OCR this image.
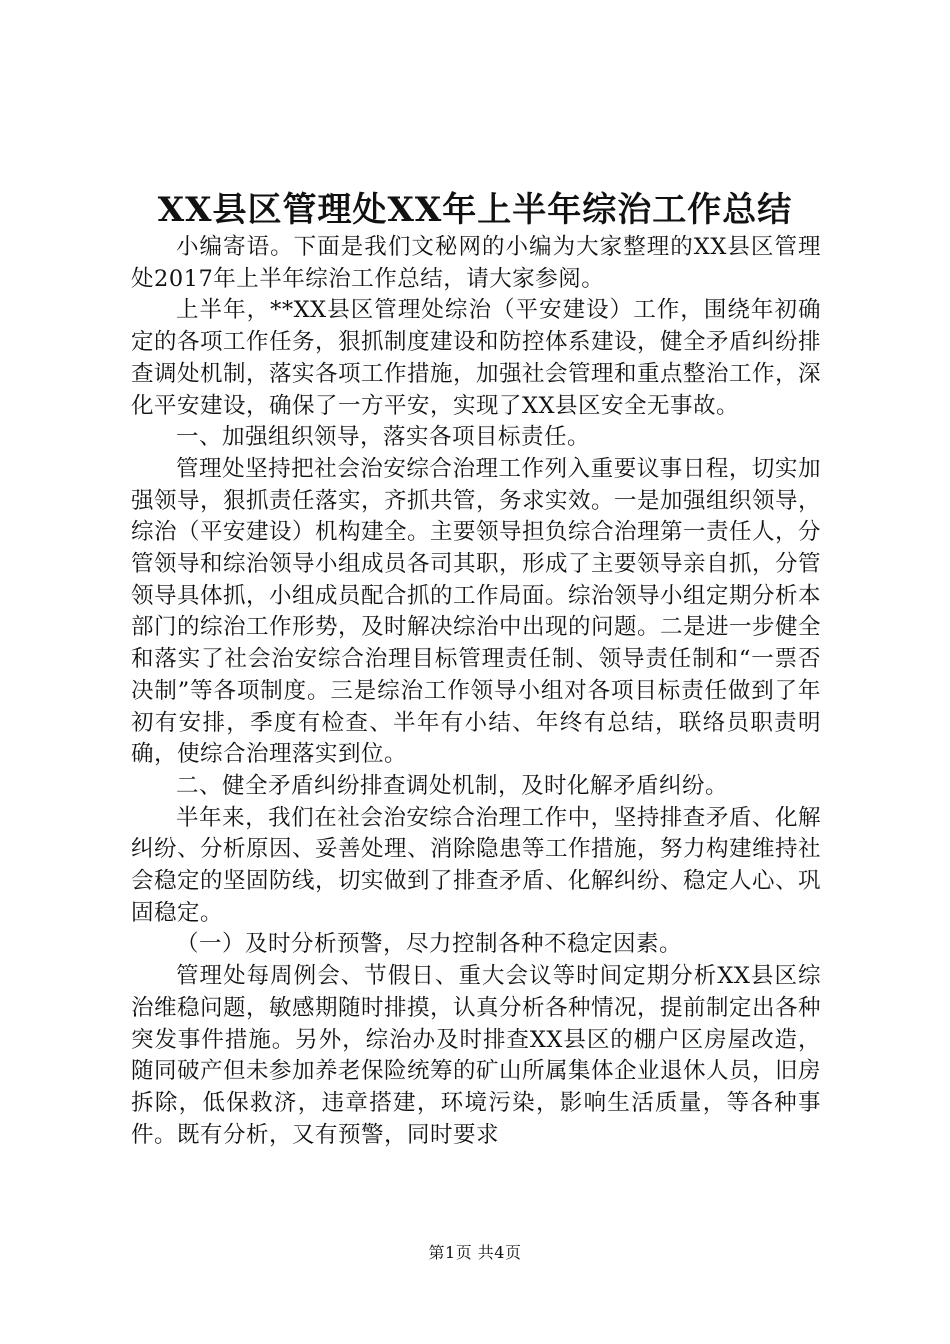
XX县区管理处XX年上半年综治工作总结

小编寄语。下面是我们文秘网的小编为大家整理的XX县区管理处2017年上半年综治工作总结，请大家参阅。

上半年，**XX县区管理处综治（平安建设）工作，围绕年初确定的各项工作任务，狠抓制度建设和防控体系建设，健全矛盾纠纷排查调处机制，落实各项工作措施，加强社会管理和重点整治工作，深化平安建设，确保了一方平安，实现了XX县区安全无事故。

一、加强组织领导，落实各项目标责任。

管理处坚持把社会治安综合治理工作列入重要议事日程，切实加强领导，狠抓责任落实，齐抓共管，务求实效。一是加强组织领导，综治（平安建设）机构建全。主要领导担负综合治理第一责任人，分管领导和综治领导小组成员各司其职，形成了主要领导亲自抓，分管领导具体抓，小组成员配合抓的工作局面。综治领导小组定期分析本部门的综治工作形势，及时解决综治中出现的问题。二是进一步健全和落实了社会治安综合治理目标管理责任制、领导责任制和“一票否决制”等各项制度。三是综治工作领导小组对各项目标责任做到了年初有安排，季度有检查、半年有小结、年终有总结，联络员职责明确，使综合治理落实到位。

二、健全矛盾纠纷排查调处机制，及时化解矛盾纠纷。

半年来，我们在社会治安综合治理工作中，坚持排查矛盾、化解纠纷、分析原因、妥善处理、消除隐患等工作措施，努力构建维持社会稳定的坚固防线，切实做到了排查矛盾、化解纠纷、稳定人心、巩固稳定。

（一）及时分析预警，尽力控制各种不稳定因素。

管理处每周例会、节假日、重大会议等时间定期分析XX县区综治维稳问题，敏感期随时排摸，认真分析各种情况，提前制定出各种突发事件措施。另外，综治办及时排查XX县区的棚户区房屋改造，随同破产但未参加养老保险统筹的矿山所属集体企业退休人员，旧房拆除，低保救济，违章搭建，环境污染，影响生活质量，等各种事件。既有分析，又有预警，同时要求

第1页 共4页
